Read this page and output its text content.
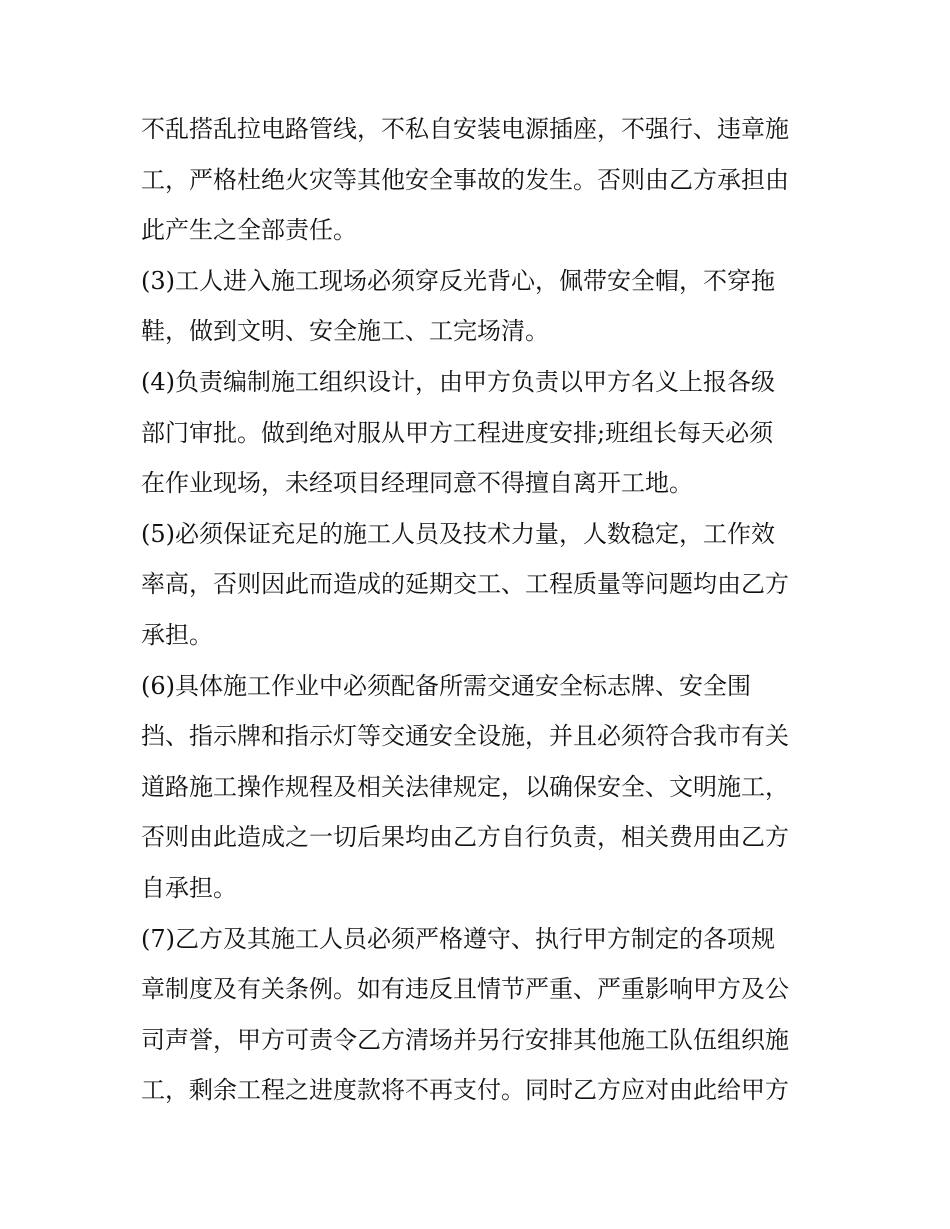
不乱搭乱拉电路管线，不私自安装电源插座，不强行、违章施
工，严格杜绝火灾等其他安全事故的发生。否则由乙方承担由
此产生之全部责任。
(3)工人进入施工现场必须穿反光背心，佩带安全帽，不穿拖
鞋，做到文明、安全施工、工完场清。
(4)负责编制施工组织设计，由甲方负责以甲方名义上报各级
部门审批。做到绝对服从甲方工程进度安排;班组长每天必须
在作业现场，未经项目经理同意不得擅自离开工地。
(5)必须保证充足的施工人员及技术力量，人数稳定，工作效
率高，否则因此而造成的延期交工、工程质量等问题均由乙方
承担。
(6)具体施工作业中必须配备所需交通安全标志牌、安全围
挡、指示牌和指示灯等交通安全设施，并且必须符合我市有关
道路施工操作规程及相关法律规定，以确保安全、文明施工，
否则由此造成之一切后果均由乙方自行负责，相关费用由乙方
自承担。
(7)乙方及其施工人员必须严格遵守、执行甲方制定的各项规
章制度及有关条例。如有违反且情节严重、严重影响甲方及公
司声誉，甲方可责令乙方清场并另行安排其他施工队伍组织施
工，剩余工程之进度款将不再支付。同时乙方应对由此给甲方
